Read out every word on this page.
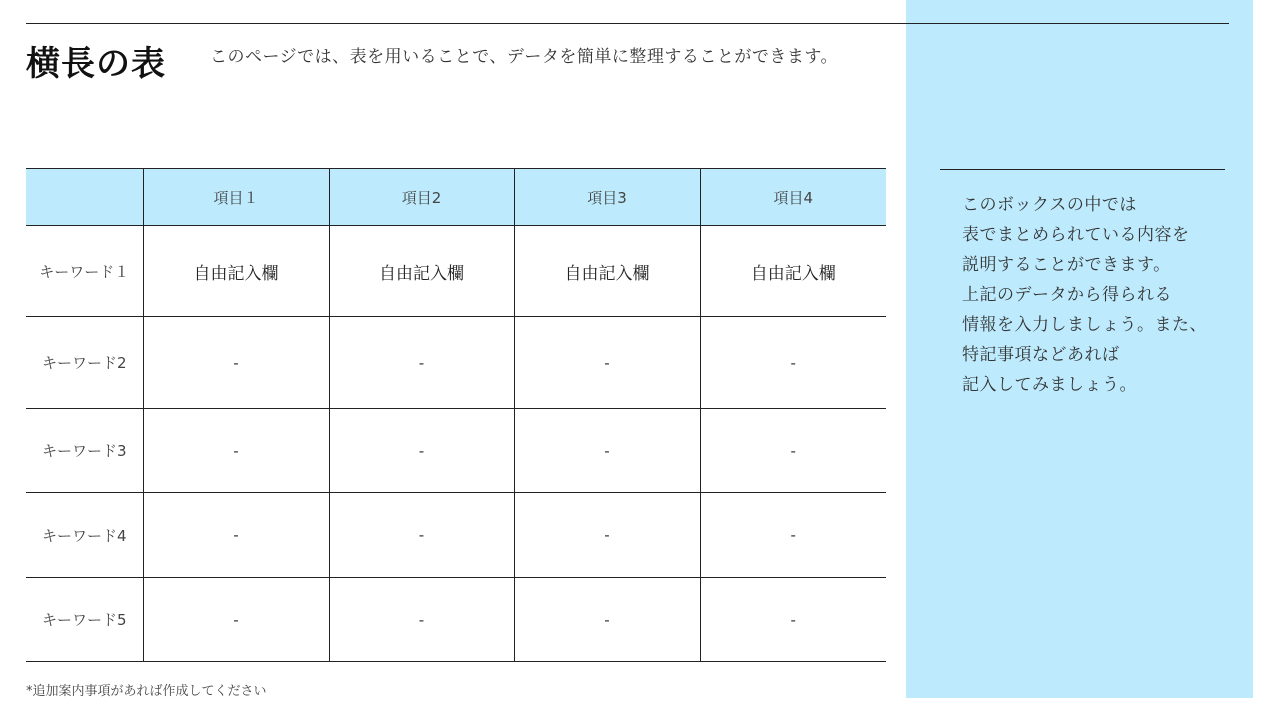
横長の表	このページでは、表を用いることで、データを簡単に整理することができます。
	項目１	項目2	項目3	項目4
キーワード１	自由記入欄	自由記入欄	自由記入欄	自由記入欄
キーワード2	-	-	-	-
キーワード3	-	-	-	-
キーワード4	-	-	-	-
キーワード5	-	-	-	-
このボックスの中では
表でまとめられている内容を
説明することができます。
上記のデータから得られる
情報を入力しましょう。また、
特記事項などあれば
記入してみましょう。
*追加案内事項があれば作成してください
